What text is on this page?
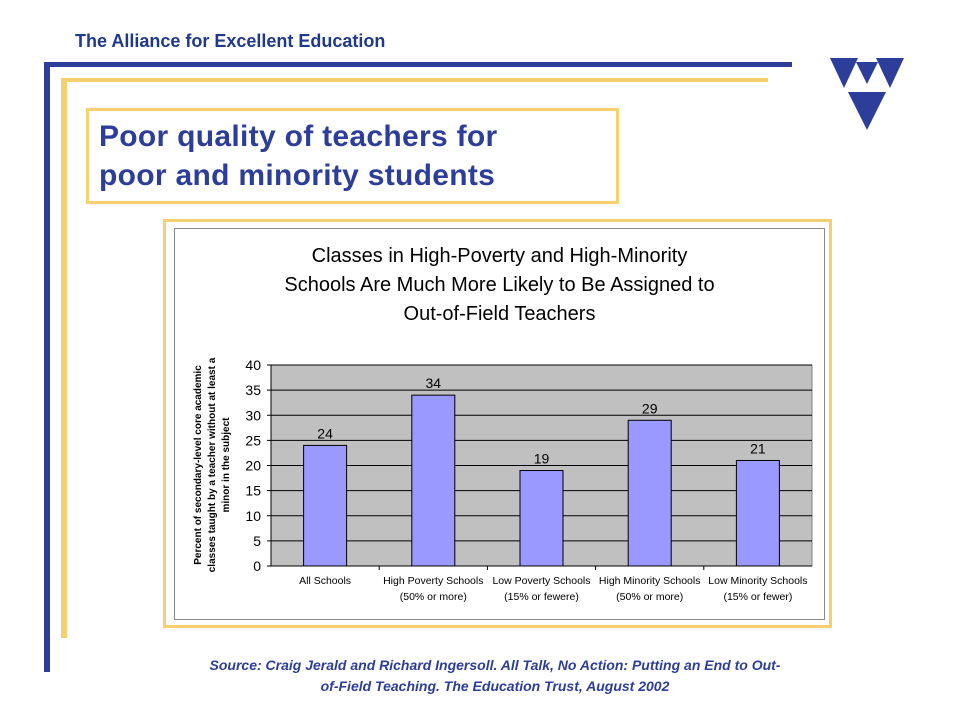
The Alliance for Excellent Education
Poor quality of teachers for
poor and minority students
Classes in High-Poverty and High-Minority
Schools Are Much More Likely to Be Assigned to
Out-of-Field Teachers
0
5
10
15
20
25
30
35
40
24
All Schools
34
High Poverty Schools
(50% or more)
19
Low Poverty Schools
(15% or fewere)
29
High Minority Schools
(50% or more)
21
Low Minority Schools
(15% or fewer)
Percent of secondary-level core academic classes taught by a teacher without at least a minor in the subject
Source: Craig Jerald and Richard Ingersoll. All Talk, No Action: Putting an End to Out-
of-Field Teaching. The Education Trust, August 2002
